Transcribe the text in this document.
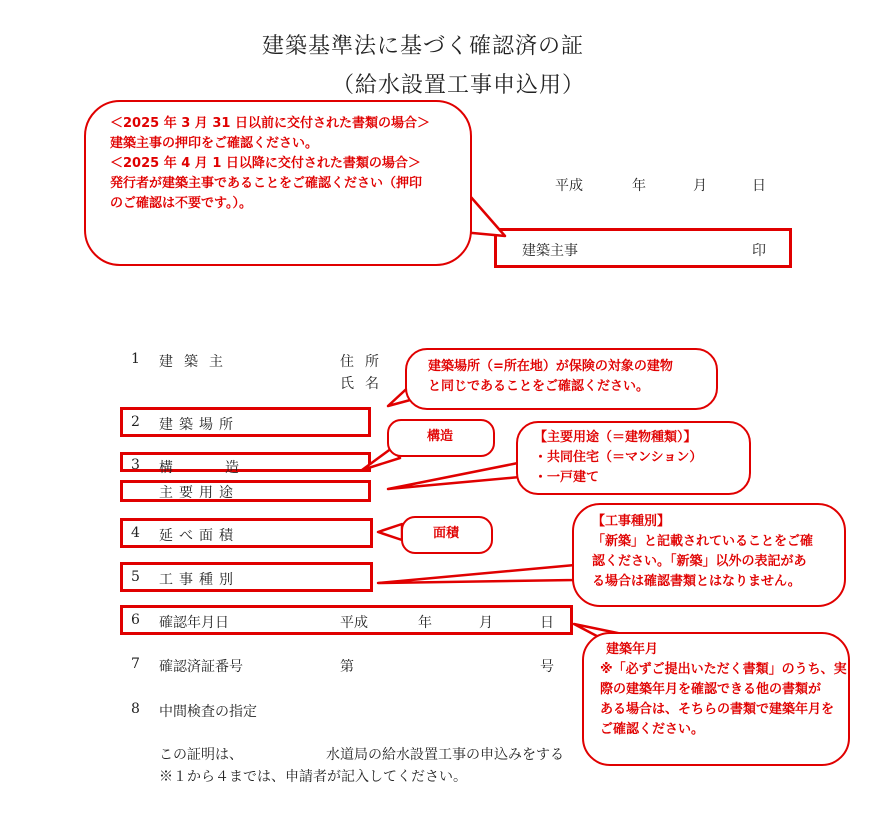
建築基準法に基づく確認済の証
（給水設置工事申込用）
平成	年	月	日
建築主事	印
1 建築主	住所
氏名
2 建築場所
3 構造
主要用途
4 延べ面積
5 工事種別
6 確認年月日	平成	年	月	日
7 確認済証番号	第	号
8 中間検査の指定
この証明は、	水道局の給水設置工事の申込みをする
※１から４までは、申請者が記入してください。
＜2025 年 3 月 31 日以前に交付された書類の場合＞
建築主事の押印をご確認ください。
＜2025 年 4 月 1 日以降に交付された書類の場合＞
発行者が建築主事であることをご確認ください（押印
のご確認は不要です。）。
建築場所（=所在地）が保険の対象の建物
と同じであることをご確認ください。
構造	【主要用途（＝建物種類）】
・共同住宅（＝マンション）
・一戸建て
面積
【工事種別】
「新築」と記載されていることをご確
認ください。「新築」以外の表記があ
る場合は確認書類とはなりません。
建築年月
※「必ずご提出いただく書類」のうち、実
際の建築年月を確認できる他の書類が
ある場合は、そちらの書類で建築年月を
ご確認ください。
